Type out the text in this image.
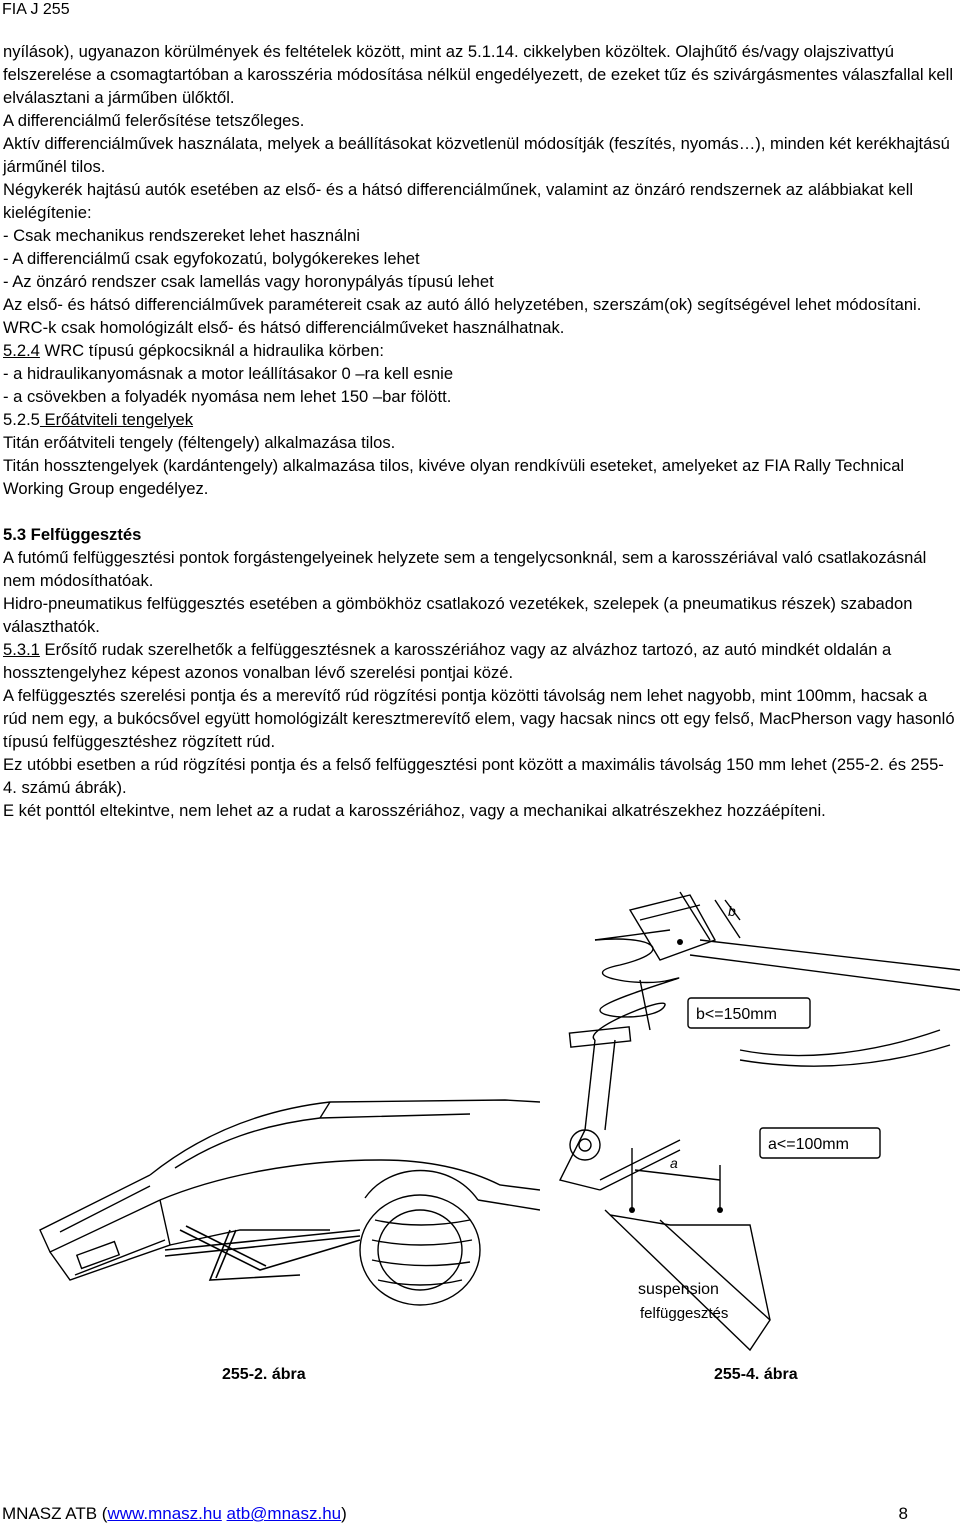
FIA J 255

nyílások), ugyanazon körülmények és feltételek között, mint az 5.1.14. cikkelyben közöltek. Olajhűtő és/vagy olajszivattyú felszerelése a csomagtartóban a karosszéria módosítása nélkül engedélyezett, de ezeket tűz és szivárgásmentes válaszfallal kell elválasztani a járműben ülőktől.

A differenciálmű felerősítése tetszőleges.

Aktív differenciálművek használata, melyek a beállításokat közvetlenül módosítják (feszítés, nyomás…), minden két kerékhajtású járműnél tilos.

Négykerék hajtású autók esetében az első- és a hátsó differenciálműnek, valamint az önzáró rendszernek az alábbiakat kell kielégítenie:

- Csak mechanikus rendszereket lehet használni

- A differenciálmű csak egyfokozatú, bolygókerekes lehet

- Az önzáró rendszer csak lamellás vagy horonypályás típusú lehet

Az első- és hátsó differenciálművek paramétereit csak az autó álló helyzetében, szerszám(ok) segítségével lehet módosítani.

WRC-k csak homológizált első- és hátsó differenciálműveket használhatnak.

5.2.4 WRC típusú gépkocsiknál a hidraulika körben:

- a hidraulikanyomásnak a motor leállításakor 0 –ra kell esnie

- a csövekben a folyadék nyomása nem lehet 150 –bar fölött.

5.2.5 Erőátviteli tengelyek

Titán erőátviteli tengely (féltengely) alkalmazása tilos.

Titán hossztengelyek (kardántengely) alkalmazása tilos, kivéve olyan rendkívüli eseteket, amelyeket az FIA Rally Technical Working Group engedélyez.

5.3 Felfüggesztés

A futómű felfüggesztési pontok forgástengelyeinek helyzete sem a tengelycsonknál, sem a karosszériával való csatlakozásnál nem módosíthatóak.

Hidro-pneumatikus felfüggesztés esetében a gömbökhöz csatlakozó vezetékek, szelepek (a pneumatikus részek) szabadon választhatók.

5.3.1 Erősítő rudak szerelhetők a felfüggesztésnek a karosszériához vagy az alvázhoz tartozó, az autó mindkét oldalán a hossztengelyhez képest azonos vonalban lévő szerelési pontjai közé.

A felfüggesztés szerelési pontja és a merevítő rúd rögzítési pontja közötti távolság nem lehet nagyobb, mint 100mm, hacsak a rúd nem egy, a bukócsővel együtt homológizált keresztmerevítő elem, vagy hacsak nincs ott egy felső, MacPherson vagy hasonló típusú felfüggesztéshez rögzített rúd.

Ez utóbbi esetben a rúd rögzítési pontja és a felső felfüggesztési pont között a maximális távolság 150 mm lehet (255-2. és 255-4. számú ábrák).

E két ponttól eltekintve, nem lehet az a rudat a karosszériához, vagy a mechanikai alkatrészekhez hozzáépíteni.

b<=150mm
a<=100mm
b
a
suspension
felfüggesztés
255-2. ábra	255-4. ábra
MNASZ ATB (www.mnasz.hu atb@mnasz.hu)	8
